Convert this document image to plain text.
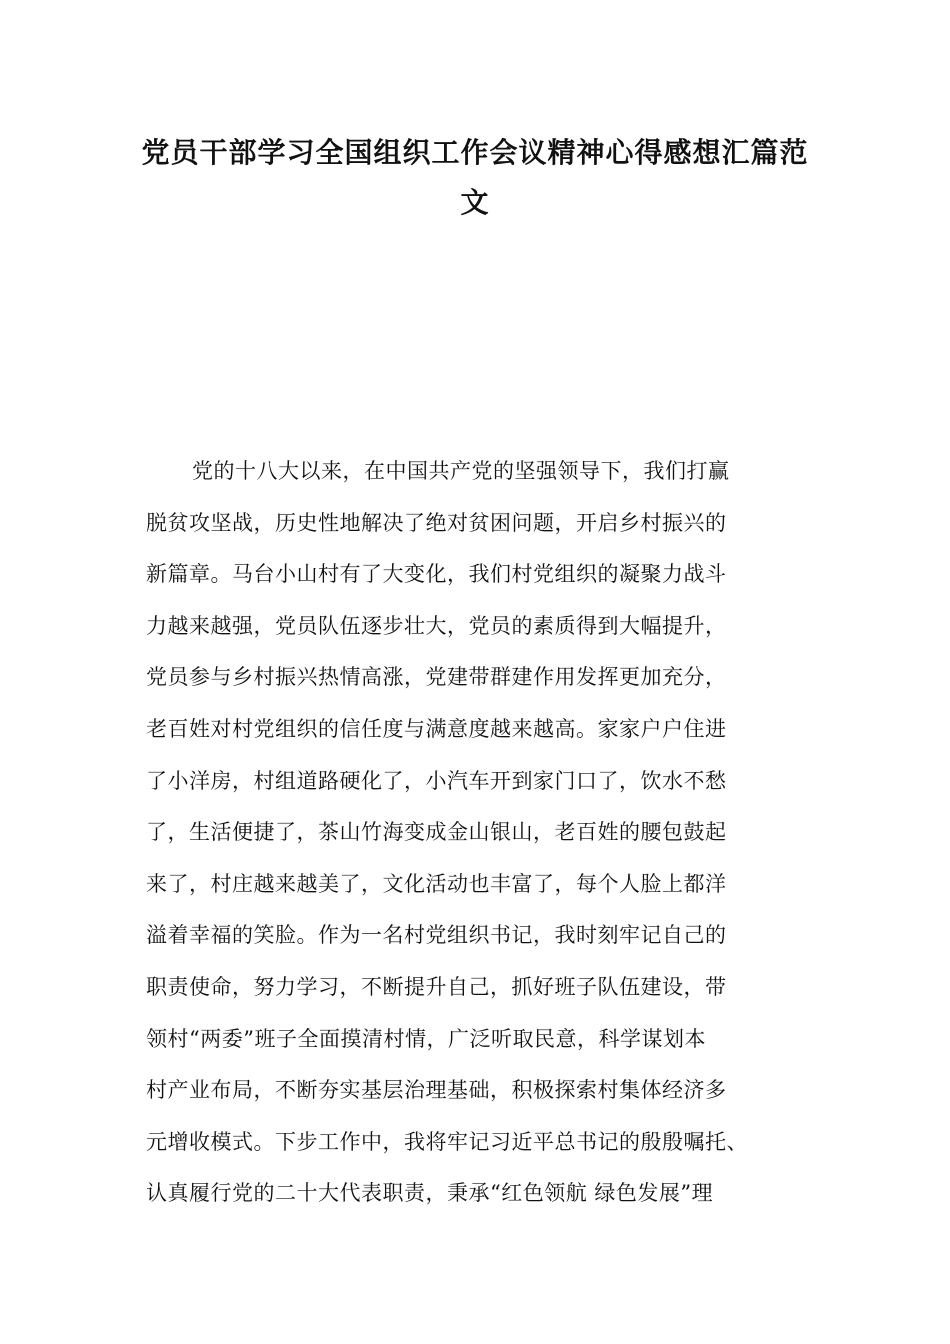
党员干部学习全国组织工作会议精神心得感想汇篇范
文
党的十八大以来，在中国共产党的坚强领导下，我们打赢
脱贫攻坚战，历史性地解决了绝对贫困问题，开启乡村振兴的
新篇章。马台小山村有了大变化，我们村党组织的凝聚力战斗
力越来越强，党员队伍逐步壮大，党员的素质得到大幅提升，
党员参与乡村振兴热情高涨，党建带群建作用发挥更加充分，
老百姓对村党组织的信任度与满意度越来越高。家家户户住进
了小洋房，村组道路硬化了，小汽车开到家门口了，饮水不愁
了，生活便捷了，茶山竹海变成金山银山，老百姓的腰包鼓起
来了，村庄越来越美了，文化活动也丰富了，每个人脸上都洋
溢着幸福的笑脸。作为一名村党组织书记，我时刻牢记自己的
职责使命，努力学习，不断提升自己，抓好班子队伍建设，带
领村“两委”班子全面摸清村情，广泛听取民意，科学谋划本
村产业布局，不断夯实基层治理基础，积极探索村集体经济多
元增收模式。下步工作中，我将牢记习近平总书记的殷殷嘱托、
认真履行党的二十大代表职责，秉承“红色领航 绿色发展”理
